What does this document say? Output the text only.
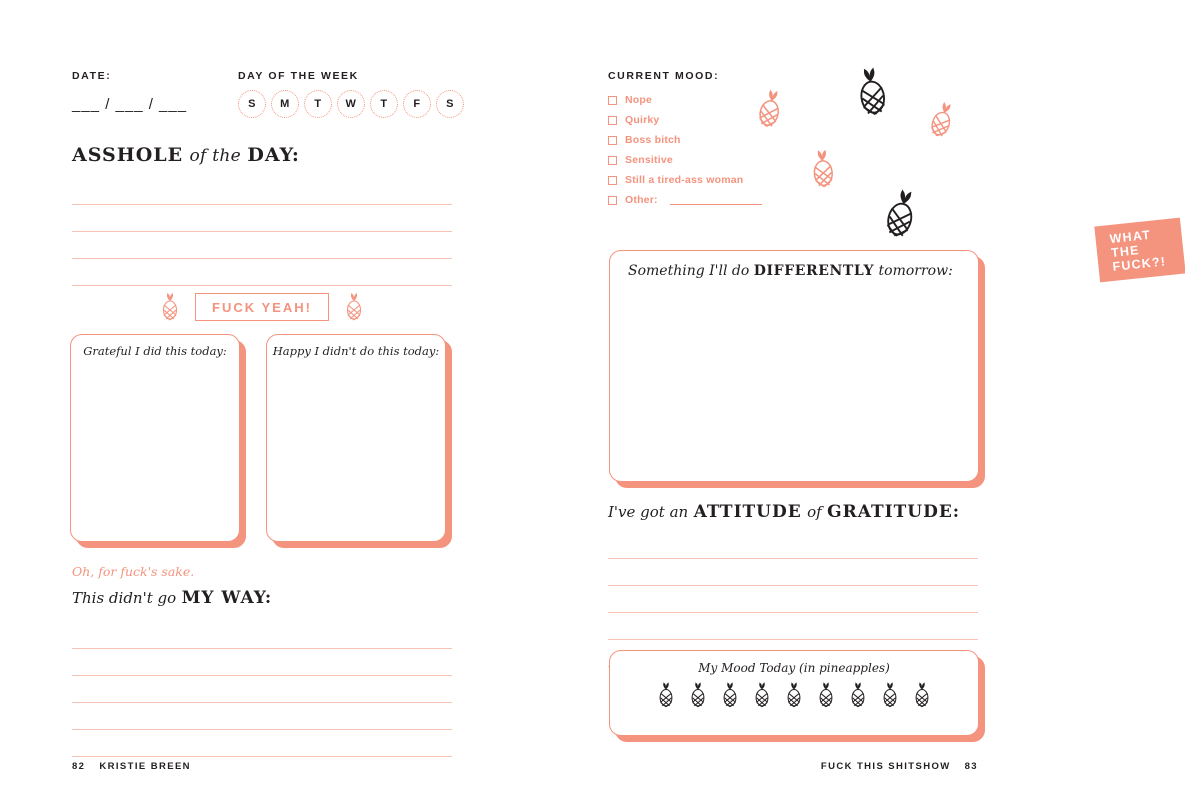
DATE:
___ / ___ / ___
DAY OF THE WEEK
S	M	T	W	T	F	S
ASSHOLE of the DAY:
FUCK YEAH!
Grateful I did this today:	Happy I didn't do this today:
Oh, for fuck's sake.
This didn't go MY WAY:
82 KRISTIE BREEN
CURRENT MOOD:
Nope
Quirky
Boss bitch
Sensitive
Still a tired-ass woman
Other:
WHAT THE FUCK?!
Something I'll do DIFFERENTLY tomorrow:
I've got an ATTITUDE of GRATITUDE:
My Mood Today (in pineapples)
FUCK THIS SHITSHOW 83
